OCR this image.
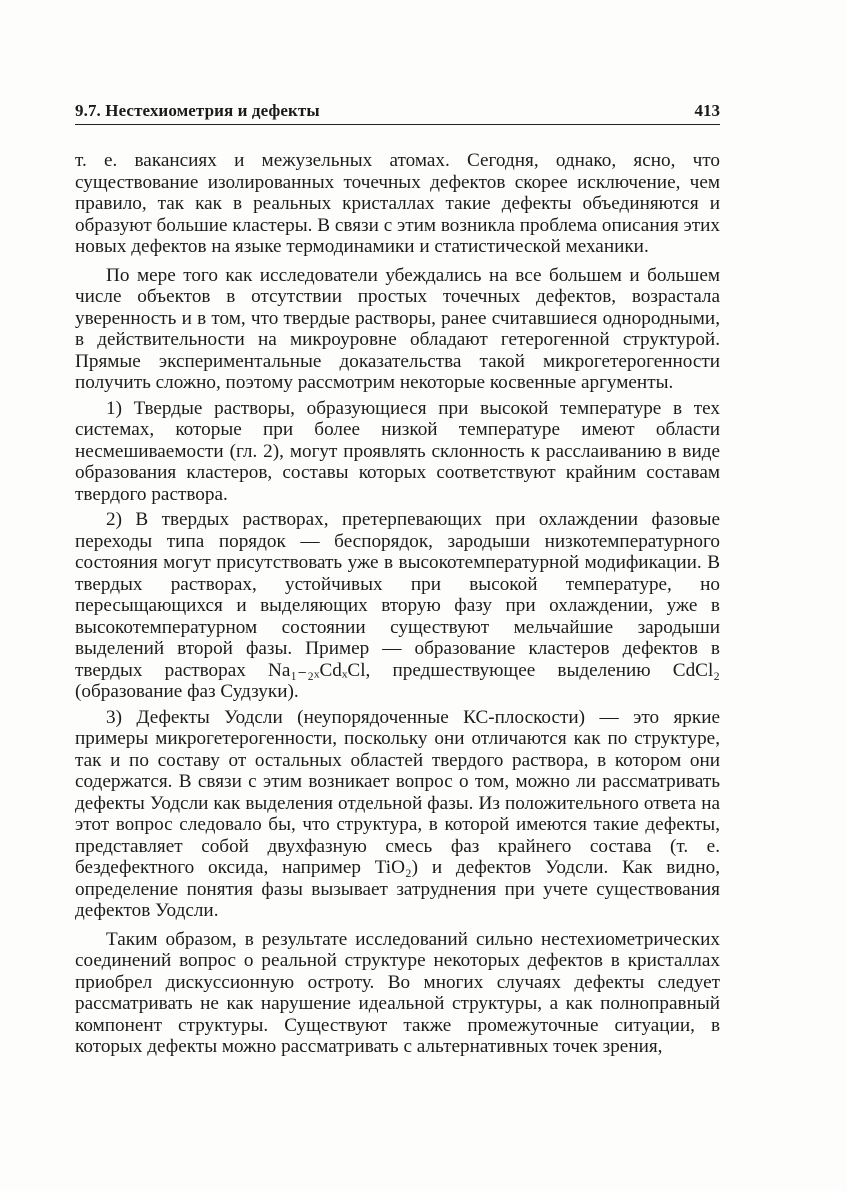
9.7. Нестехиометрия и дефекты	413

т. е. вакансиях и межузельных атомах. Сегодня, однако, ясно, что существование изолированных точечных дефектов скорее исключение, чем правило, так как в реальных кристаллах такие дефекты объединяются и образуют большие кластеры. В связи с этим возникла проблема описания этих новых дефектов на языке термодинамики и статистической механики.

По мере того как исследователи убеждались на все большем и большем числе объектов в отсутствии простых точечных дефектов, возрастала уверенность и в том, что твердые растворы, ранее считавшиеся однородными, в действительности на микроуровне обладают гетерогенной структурой. Прямые экспериментальные доказательства такой микрогетерогенности получить сложно, поэтому рассмотрим некоторые косвенные аргументы.

1) Твердые растворы, образующиеся при высокой температуре в тех системах, которые при более низкой температуре имеют области несмешиваемости (гл. 2), могут проявлять склонность к расслаиванию в виде образования кластеров, составы которых соответствуют крайним составам твердого раствора.

2) В твердых растворах, претерпевающих при охлаждении фазовые переходы типа порядок — беспорядок, зародыши низкотемпературного состояния могут присутствовать уже в высокотемпературной модификации. В твердых растворах, устойчивых при высокой температуре, но пересыщающихся и выделяющих вторую фазу при охлаждении, уже в высокотемпературном состоянии существуют мельчайшие зародыши выделений второй фазы. Пример — образование кластеров дефектов в твердых растворах Na₁₋₂ₓCdₓCl, предшествующее выделению CdCl₂ (образование фаз Судзуки).

3) Дефекты Уодсли (неупорядоченные КС-плоскости) — это яркие примеры микрогетерогенности, поскольку они отличаются как по структуре, так и по составу от остальных областей твердого раствора, в котором они содержатся. В связи с этим возникает вопрос о том, можно ли рассматривать дефекты Уодсли как выделения отдельной фазы. Из положительного ответа на этот вопрос следовало бы, что структура, в которой имеются такие дефекты, представляет собой двухфазную смесь фаз крайнего состава (т. е. бездефектного оксида, например TiO₂) и дефектов Уодсли. Как видно, определение понятия фазы вызывает затруднения при учете существования дефектов Уодсли.

Таким образом, в результате исследований сильно нестехиометрических соединений вопрос о реальной структуре некоторых дефектов в кристаллах приобрел дискуссионную остроту. Во многих случаях дефекты следует рассматривать не как нарушение идеальной структуры, а как полноправный компонент структуры. Существуют также промежуточные ситуации, в которых дефекты можно рассматривать с альтернативных точек зрения,
